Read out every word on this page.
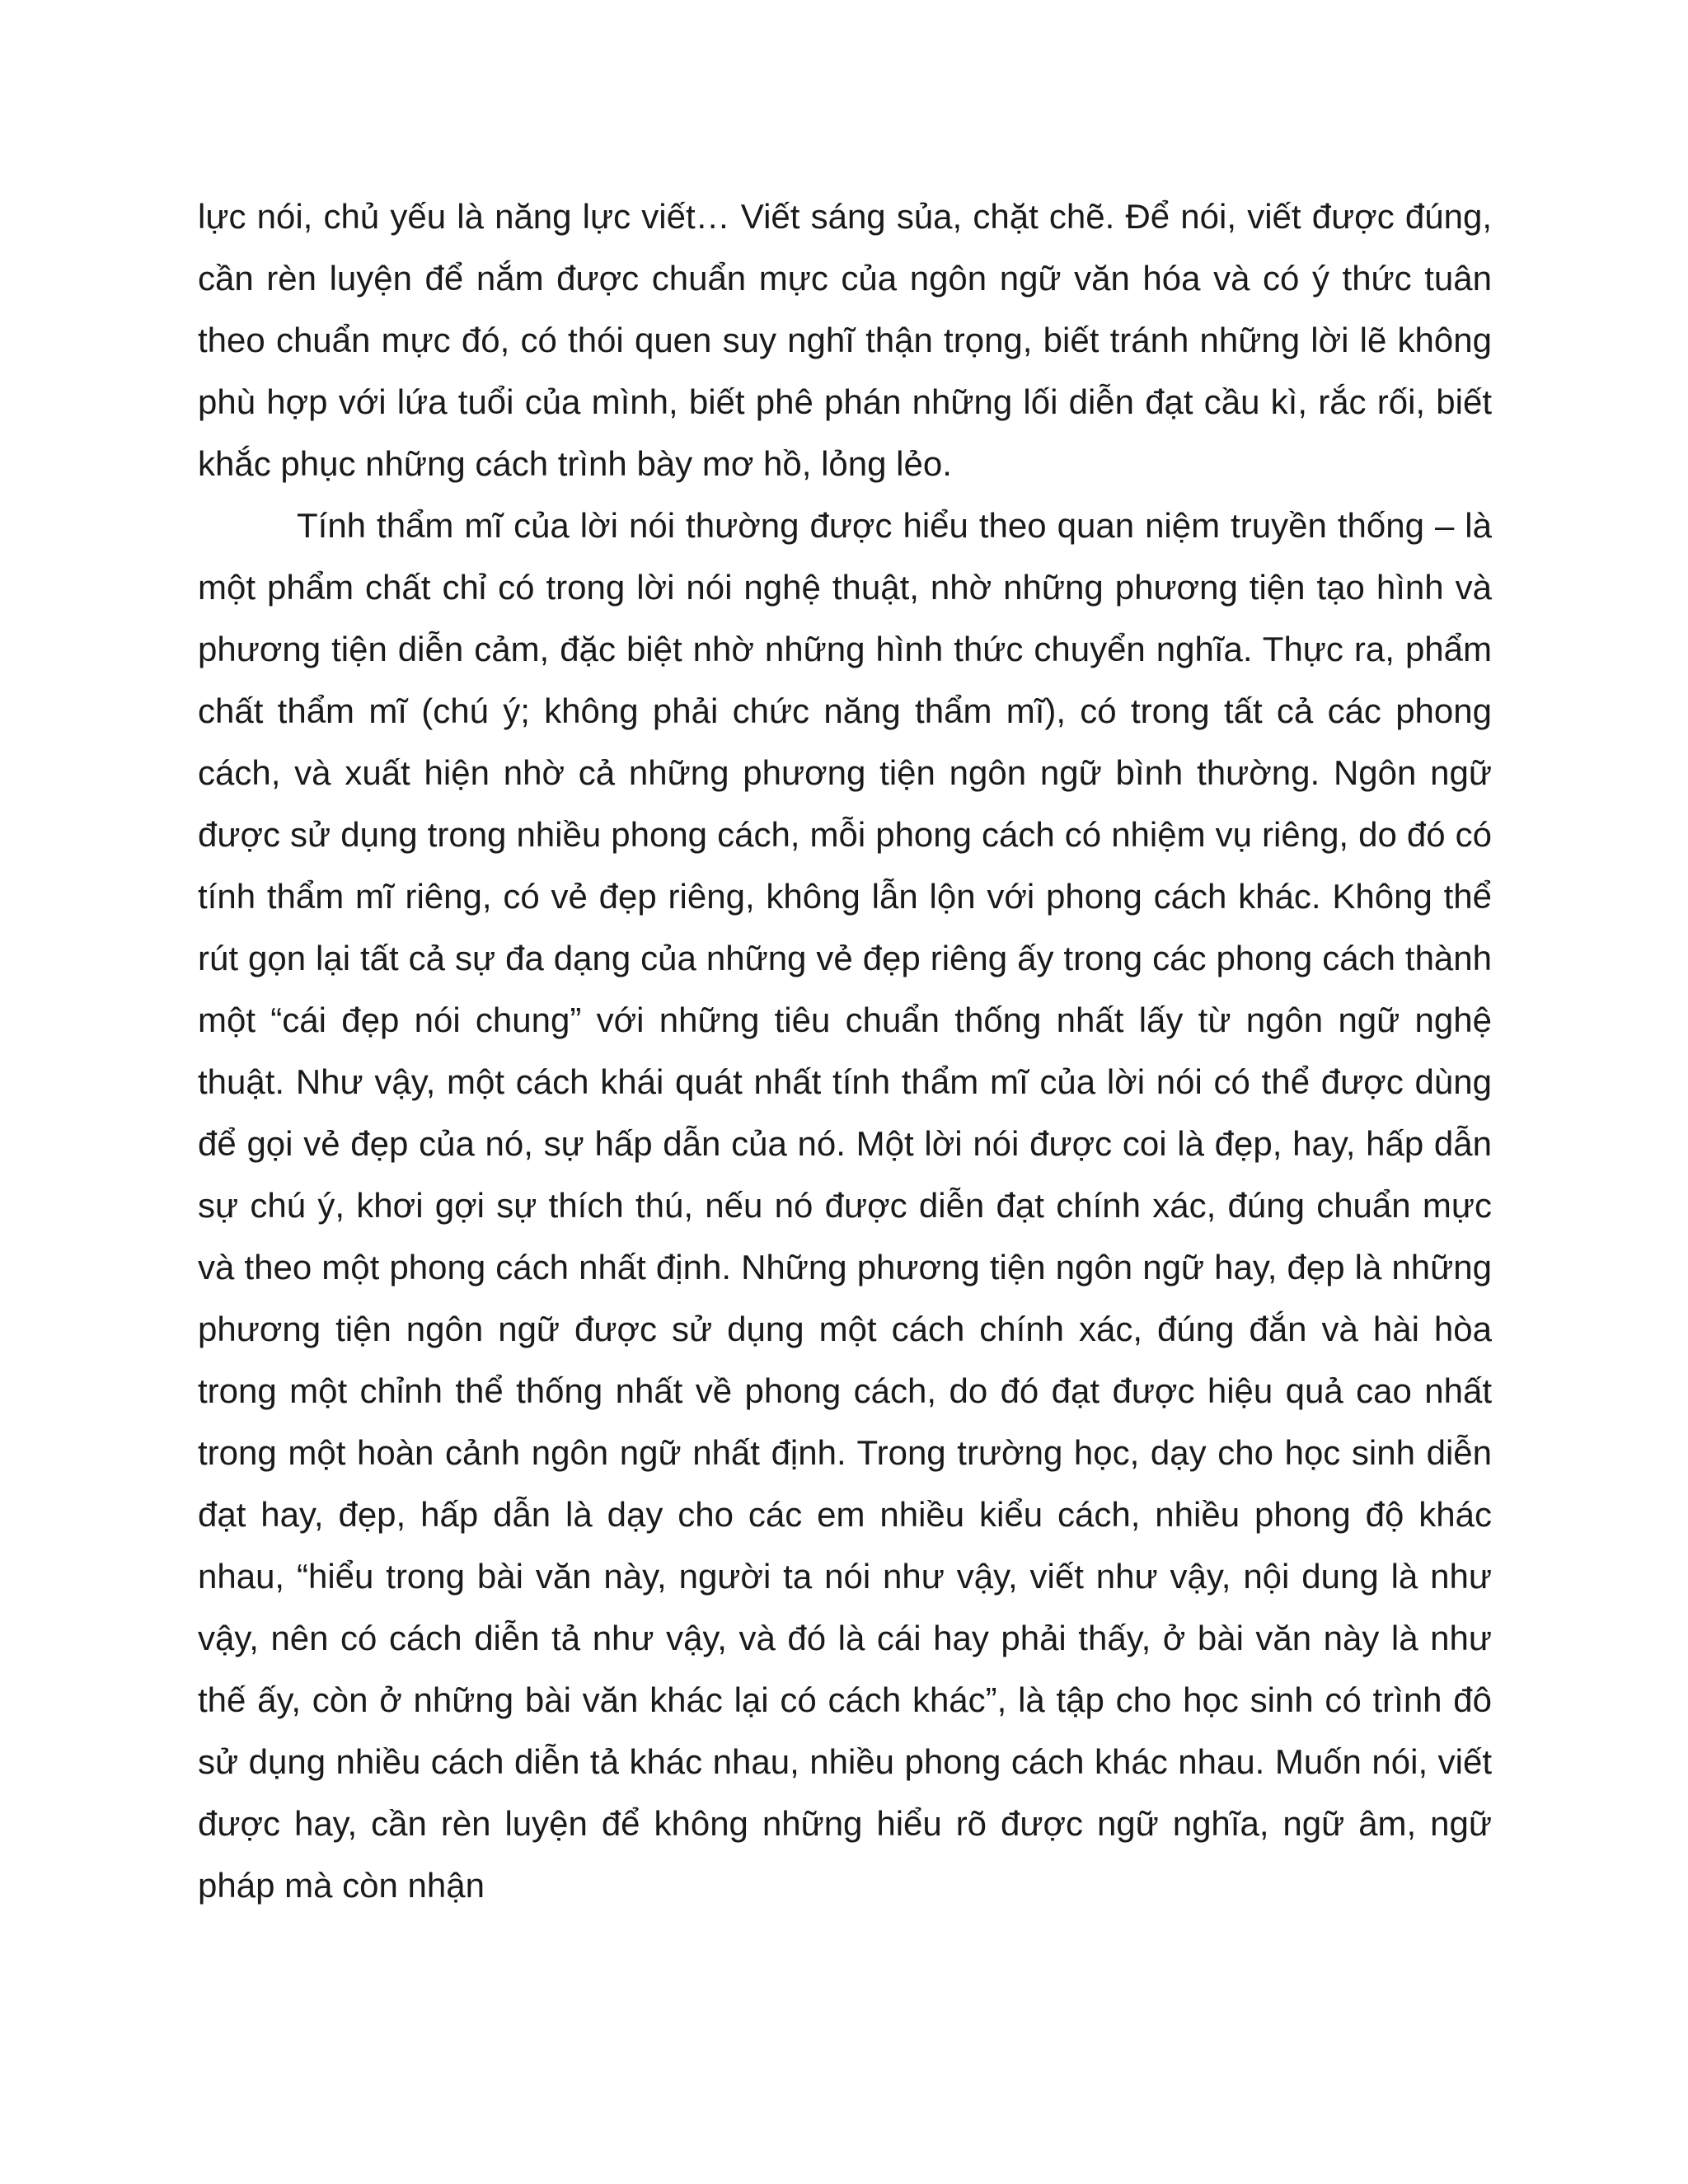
lực nói, chủ yếu là năng lực viết… Viết sáng sủa, chặt chẽ. Để nói, viết được đúng, cần rèn luyện để nắm được chuẩn mực của ngôn ngữ văn hóa và có ý thức tuân theo chuẩn mực đó, có thói quen suy nghĩ thận trọng, biết tránh những lời lẽ không phù hợp với lứa tuổi của mình, biết phê phán những lối diễn đạt cầu kì, rắc rối, biết khắc phục những cách trình bày mơ hồ, lỏng lẻo.

Tính thẩm mĩ của lời nói thường được hiểu theo quan niệm truyền thống – là một phẩm chất chỉ có trong lời nói nghệ thuật, nhờ những phương tiện tạo hình và phương tiện diễn cảm, đặc biệt nhờ những hình thức chuyển nghĩa. Thực ra, phẩm chất thẩm mĩ (chú ý; không phải chức năng thẩm mĩ), có trong tất cả các phong cách, và xuất hiện nhờ cả những phương tiện ngôn ngữ bình thường. Ngôn ngữ được sử dụng trong nhiều phong cách, mỗi phong cách có nhiệm vụ riêng, do đó có tính thẩm mĩ riêng, có vẻ đẹp riêng, không lẫn lộn với phong cách khác. Không thể rút gọn lại tất cả sự đa dạng của những vẻ đẹp riêng ấy trong các phong cách thành một “cái đẹp nói chung” với những tiêu chuẩn thống nhất lấy từ ngôn ngữ nghệ thuật. Như vậy, một cách khái quát nhất tính thẩm mĩ của lời nói có thể được dùng để gọi vẻ đẹp của nó, sự hấp dẫn của nó. Một lời nói được coi là đẹp, hay, hấp dẫn sự chú ý, khơi gợi sự thích thú, nếu nó được diễn đạt chính xác, đúng chuẩn mực và theo một phong cách nhất định. Những phương tiện ngôn ngữ hay, đẹp là những phương tiện ngôn ngữ được sử dụng một cách chính xác, đúng đắn và hài hòa trong một chỉnh thể thống nhất về phong cách, do đó đạt được hiệu quả cao nhất trong một hoàn cảnh ngôn ngữ nhất định. Trong trường học, dạy cho học sinh diễn đạt hay, đẹp, hấp dẫn là dạy cho các em nhiều kiểu cách, nhiều phong độ khác nhau, “hiểu trong bài văn này, người ta nói như vậy, viết như vậy, nội dung là như vậy, nên có cách diễn tả như vậy, và đó là cái hay phải thấy, ở bài văn này là như thế ấy, còn ở những bài văn khác lại có cách khác”, là tập cho học sinh có trình đô sử dụng nhiều cách diễn tả khác nhau, nhiều phong cách khác nhau. Muốn nói, viết được hay, cần rèn luyện để không những hiểu rõ được ngữ nghĩa, ngữ âm, ngữ pháp mà còn nhận
